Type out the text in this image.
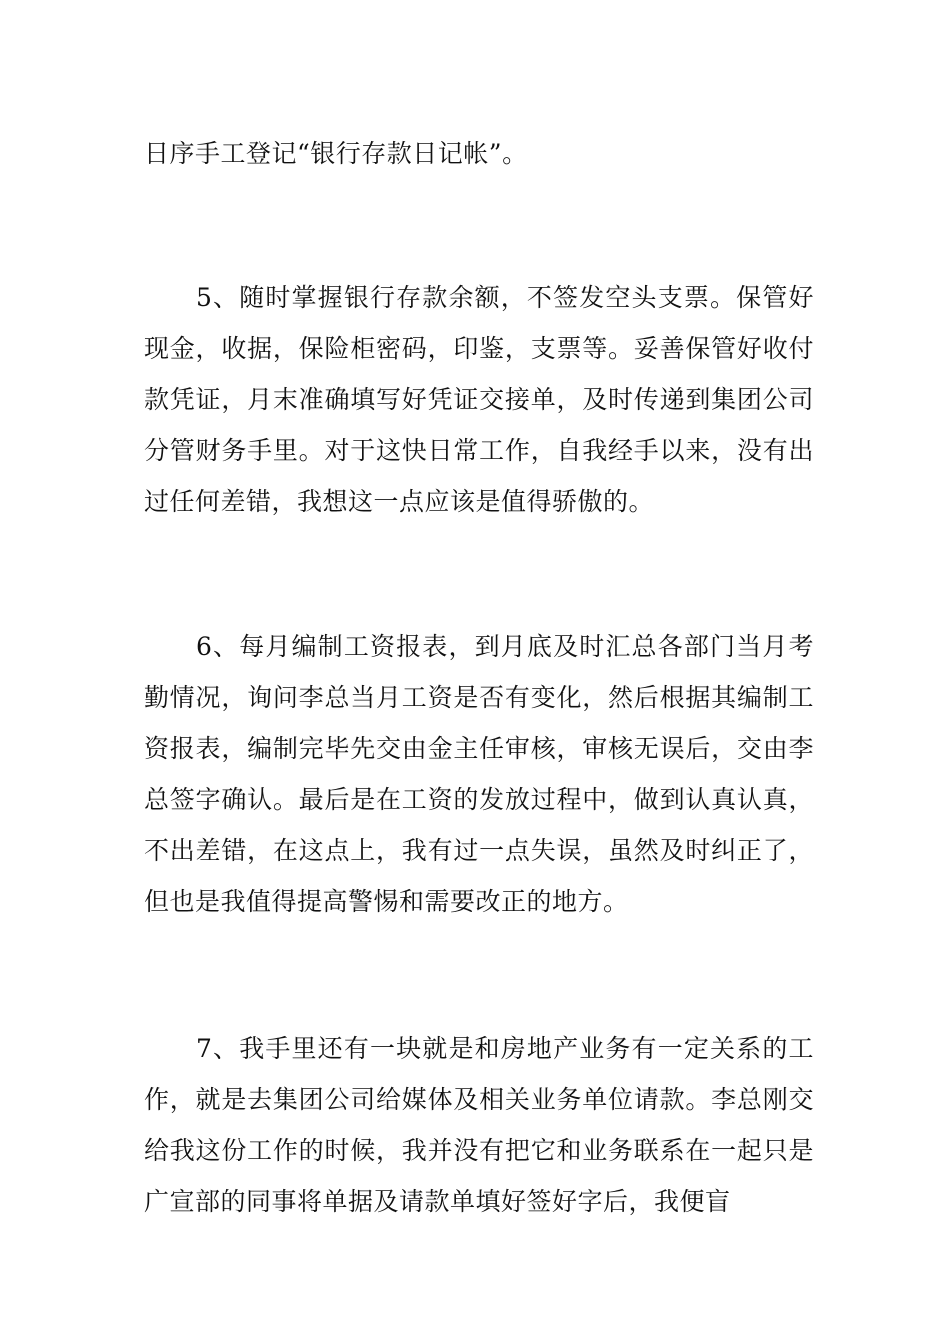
日序手工登记“银行存款日记帐”。

5、随时掌握银行存款余额，不签发空头支票。保管好现金，收据，保险柜密码，印鉴，支票等。妥善保管好收付款凭证，月末准确填写好凭证交接单，及时传递到集团公司分管财务手里。对于这快日常工作，自我经手以来，没有出过任何差错，我想这一点应该是值得骄傲的。

6、每月编制工资报表，到月底及时汇总各部门当月考勤情况，询问李总当月工资是否有变化，然后根据其编制工资报表，编制完毕先交由金主任审核，审核无误后，交由李总签字确认。最后是在工资的发放过程中，做到认真认真，不出差错，在这点上，我有过一点失误，虽然及时纠正了，但也是我值得提高警惕和需要改正的地方。

7、我手里还有一块就是和房地产业务有一定关系的工作，就是去集团公司给媒体及相关业务单位请款。李总刚交给我这份工作的时候，我并没有把它和业务联系在一起只是广宣部的同事将单据及请款单填好签好字后，我便盲
